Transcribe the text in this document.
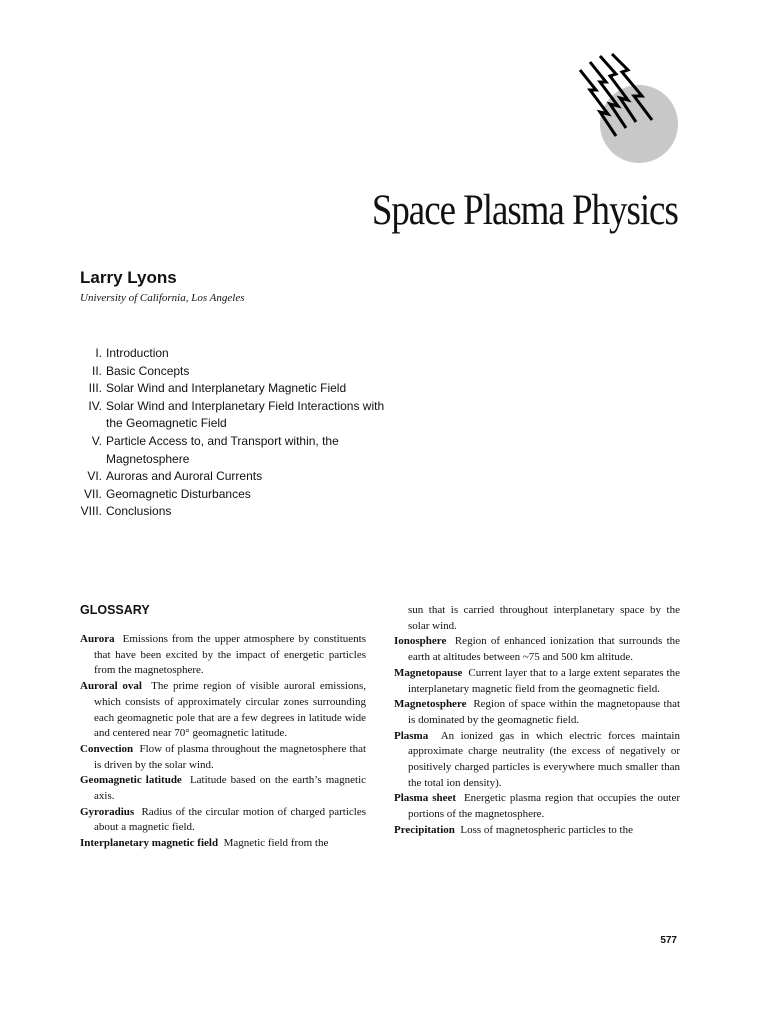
Space Plasma Physics
Larry Lyons
University of California, Los Angeles
I. Introduction
II. Basic Concepts
III. Solar Wind and Interplanetary Magnetic Field
IV. Solar Wind and Interplanetary Field Interactions with the Geomagnetic Field
V. Particle Access to, and Transport within, the Magnetosphere
VI. Auroras and Auroral Currents
VII. Geomagnetic Disturbances
VIII. Conclusions
GLOSSARY

Aurora Emissions from the upper atmosphere by constituents that have been excited by the impact of energetic particles from the magnetosphere.

Auroral oval The prime region of visible auroral emissions, which consists of approximately circular zones surrounding each geomagnetic pole that are a few degrees in latitude wide and centered near 70° geomagnetic latitude.

Convection Flow of plasma throughout the magnetosphere that is driven by the solar wind.

Geomagnetic latitude Latitude based on the earth’s magnetic axis.

Gyroradius Radius of the circular motion of charged particles about a magnetic field.

Interplanetary magnetic field Magnetic field from the

sun that is carried throughout interplanetary space by the solar wind.

Ionosphere Region of enhanced ionization that surrounds the earth at altitudes between ~75 and 500 km altitude.

Magnetopause Current layer that to a large extent separates the interplanetary magnetic field from the geomagnetic field.

Magnetosphere Region of space within the magnetopause that is dominated by the geomagnetic field.

Plasma An ionized gas in which electric forces maintain approximate charge neutrality (the excess of negatively or positively charged particles is everywhere much smaller than the total ion density).

Plasma sheet Energetic plasma region that occupies the outer portions of the magnetosphere.

Precipitation Loss of magnetospheric particles to the

577
